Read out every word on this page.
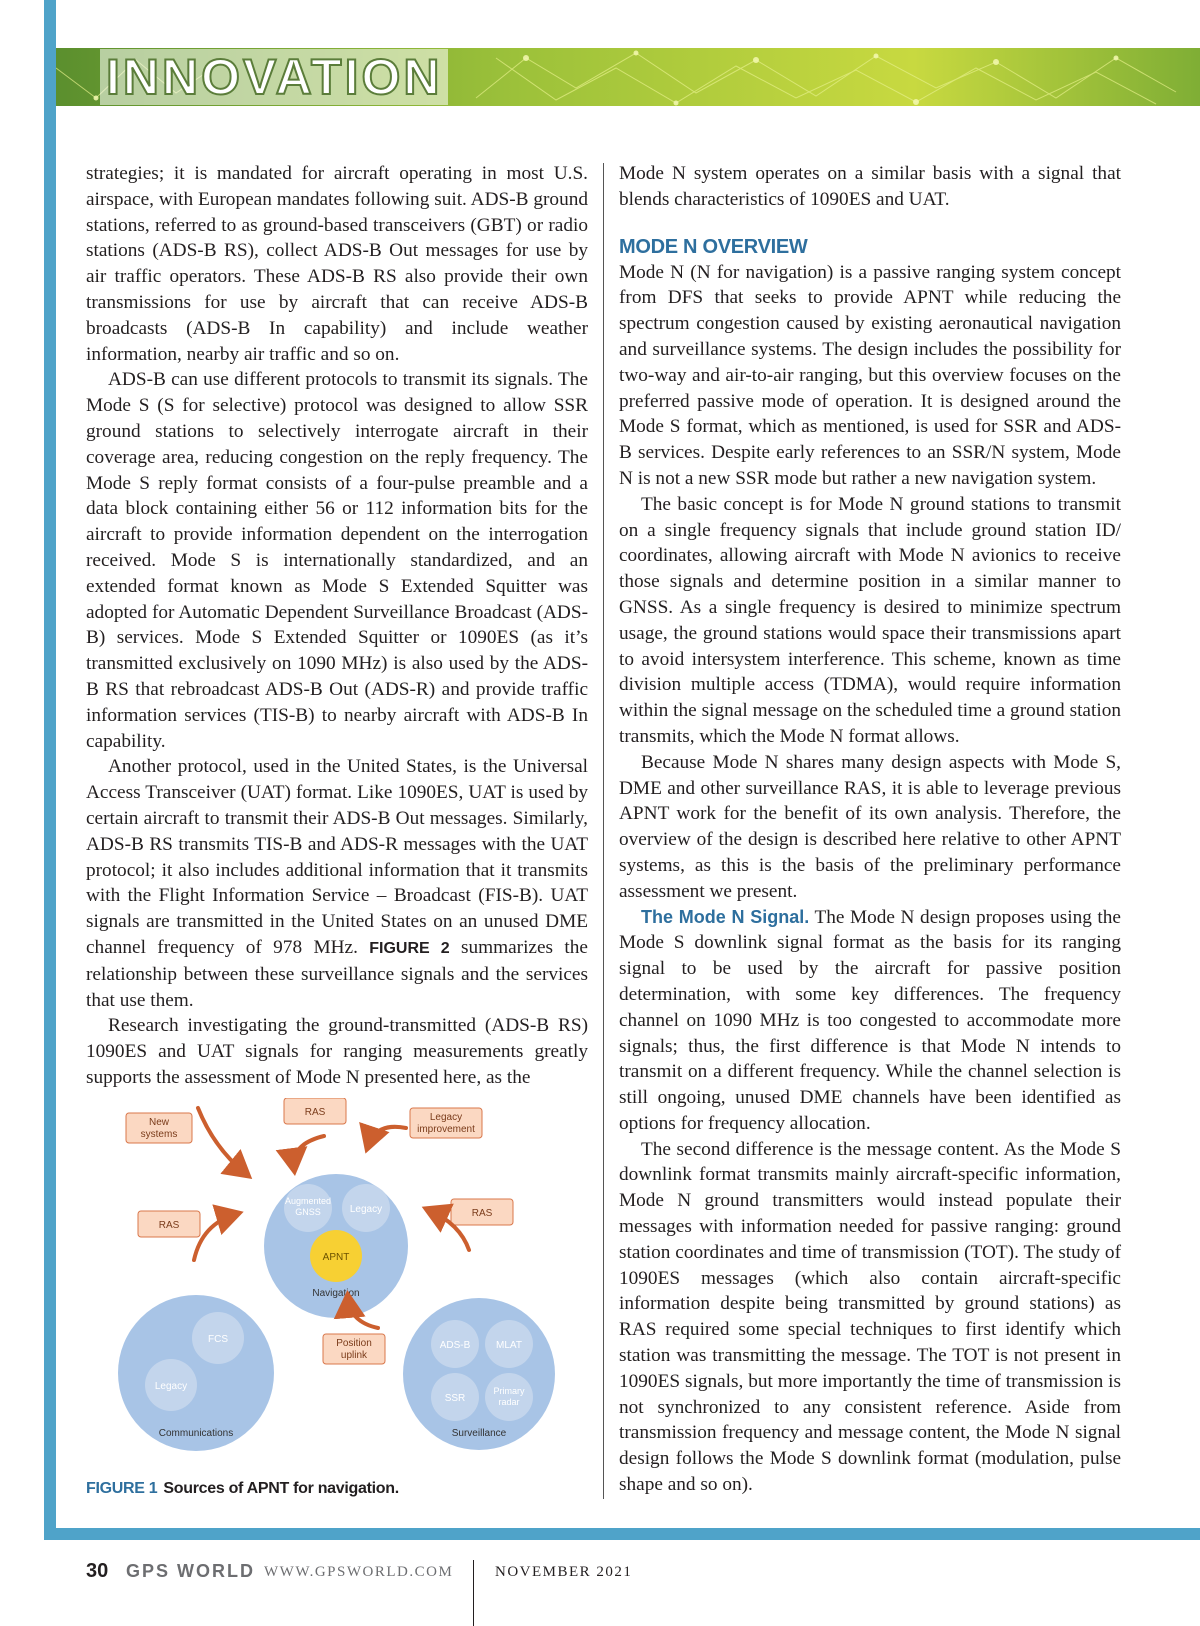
INNOVATION

strategies; it is mandated for aircraft operating in most U.S. airspace, with European mandates following suit. ADS-B ground stations, referred to as ground-based transceivers (GBT) or radio stations (ADS-B RS), collect ADS-B Out messages for use by air traffic operators. These ADS-B RS also provide their own transmissions for use by aircraft that can receive ADS-B broadcasts (ADS-B In capability) and include weather information, nearby air traffic and so on.

ADS-B can use different protocols to transmit its signals. The Mode S (S for selective) protocol was designed to allow SSR ground stations to selectively interrogate aircraft in their coverage area, reducing congestion on the reply frequency. The Mode S reply format consists of a four-pulse preamble and a data block containing either 56 or 112 information bits for the aircraft to provide information dependent on the interrogation received. Mode S is internationally standardized, and an extended format known as Mode S Extended Squitter was adopted for Automatic Dependent Surveillance Broadcast (ADS-B) services. Mode S Extended Squitter or 1090ES (as it’s transmitted exclusively on 1090 MHz) is also used by the ADS-B RS that rebroadcast ADS-B Out (ADS-R) and provide traffic information services (TIS-B) to nearby aircraft with ADS-B In capability.

Another protocol, used in the United States, is the Universal Access Transceiver (UAT) format. Like 1090ES, UAT is used by certain aircraft to transmit their ADS-B Out messages. Similarly, ADS-B RS transmits TIS-B and ADS-R messages with the UAT protocol; it also includes additional information that it transmits with the Flight Information Service – Broadcast (FIS-B). UAT signals are transmitted in the United States on an unused DME channel frequency of 978 MHz. FIGURE 2 summarizes the relationship between these surveillance signals and the services that use them.

Research investigating the ground-transmitted (ADS-B RS) 1090ES and UAT signals for ranging measurements greatly supports the assessment of Mode N presented here, as the

Mode N system operates on a similar basis with a signal that blends characteristics of 1090ES and UAT.

MODE N OVERVIEW

Mode N (N for navigation) is a passive ranging system concept from DFS that seeks to provide APNT while reducing the spectrum congestion caused by existing aeronautical navigation and surveillance systems. The design includes the possibility for two-way and air-to-air ranging, but this overview focuses on the preferred passive mode of operation. It is designed around the Mode S format, which as mentioned, is used for SSR and ADS-B services. Despite early references to an SSR/N system, Mode N is not a new SSR mode but rather a new navigation system.

The basic concept is for Mode N ground stations to transmit on a single frequency signals that include ground station ID/ coordinates, allowing aircraft with Mode N avionics to receive those signals and determine position in a similar manner to GNSS. As a single frequency is desired to minimize spectrum usage, the ground stations would space their transmissions apart to avoid intersystem interference. This scheme, known as time division multiple access (TDMA), would require information within the signal message on the scheduled time a ground station transmits, which the Mode N format allows.

Because Mode N shares many design aspects with Mode S, DME and other surveillance RAS, it is able to leverage previous APNT work for the benefit of its own analysis. Therefore, the overview of the design is described here relative to other APNT systems, as this is the basis of the preliminary performance assessment we present.

The Mode N Signal. The Mode N design proposes using the Mode S downlink signal format as the basis for its ranging signal to be used by the aircraft for passive position determination, with some key differences. The frequency channel on 1090 MHz is too congested to accommodate more signals; thus, the first difference is that Mode N intends to transmit on a different frequency. While the channel selection is still ongoing, unused DME channels have been identified as options for frequency allocation.

The second difference is the message content. As the Mode S downlink format transmits mainly aircraft-specific information, Mode N ground transmitters would instead populate their messages with information needed for passive ranging: ground station coordinates and time of transmission (TOT). The study of 1090ES messages (which also contain aircraft-specific information despite being transmitted by ground stations) as RAS required some special techniques to first identify which station was transmitting the message. The TOT is not present in 1090ES signals, but more importantly the time of transmission is not synchronized to any consistent reference. Aside from transmission frequency and message content, the Mode N signal design follows the Mode S downlink format (modulation, pulse shape and so on).

Augmented
GNSS	Legacy
APNT
Navigation
FCS
Legacy
Communications
ADS-B	MLAT
SSR
Primary
radar
Surveillance
RAS
New
systems
Legacy
improvement
RAS
RAS
Position
uplink
FIGURE 1 Sources of APNT for navigation.
30 GPS WORLD WWW.GPSWORLD.COM	NOVEMBER 2021
